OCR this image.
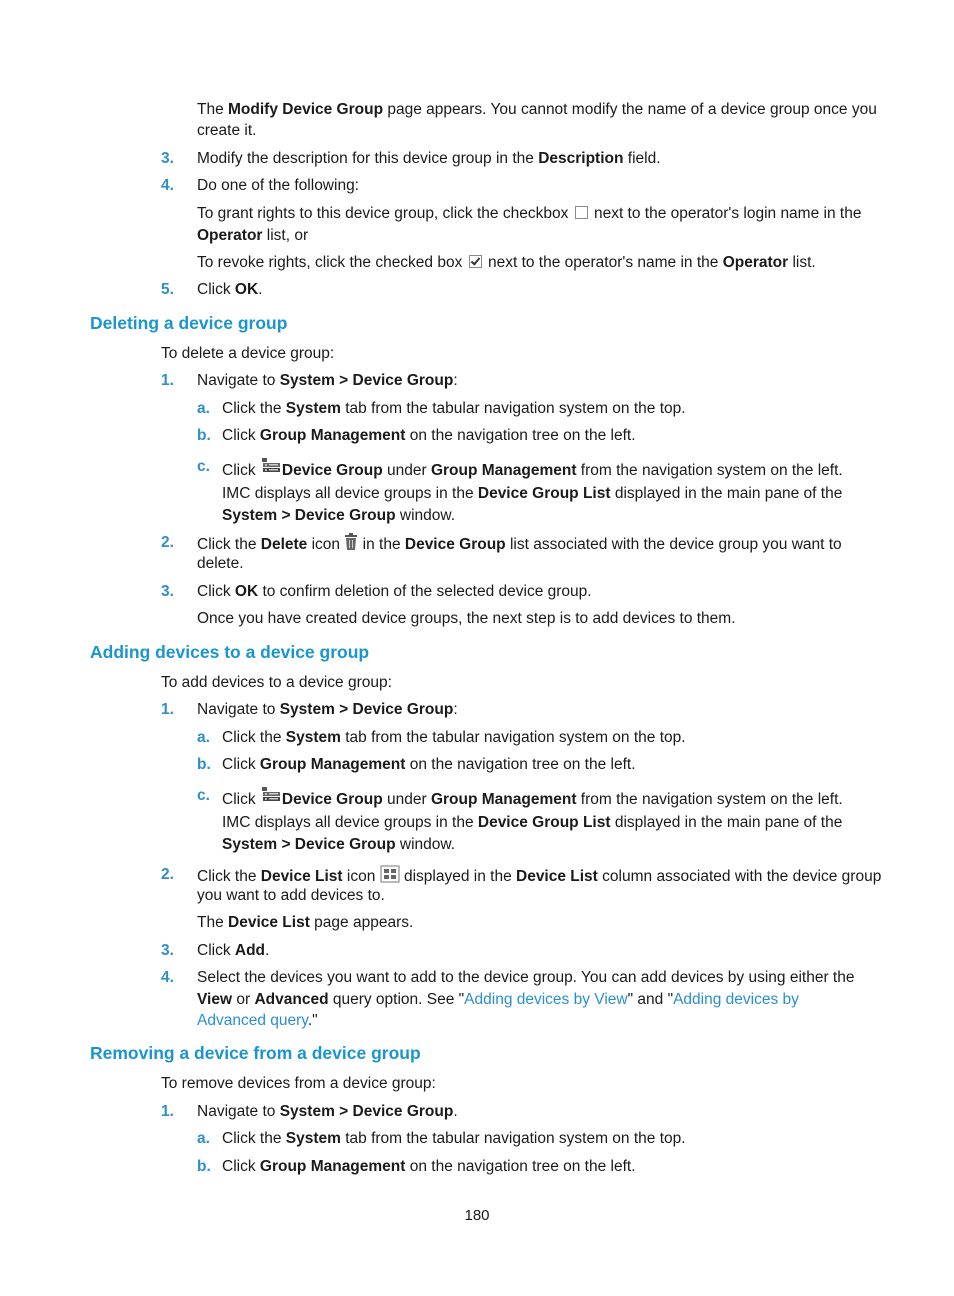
The Modify Device Group page appears. You cannot modify the name of a device group once you
create it.
3. Modify the description for this device group in the Description field.
4. Do one of the following:
To grant rights to this device group, click the checkbox  next to the operator's login name in the
Operator list, or
To revoke rights, click the checked box  next to the operator's name in the Operator list.
5. Click OK.
Deleting a device group
To delete a device group:
1. Navigate to System > Device Group:
a. Click the System tab from the tabular navigation system on the top.
b. Click Group Management on the navigation tree on the left.
c. Click Device Group under Group Management from the navigation system on the left.
IMC displays all device groups in the Device Group List displayed in the main pane of the
System > Device Group window.
2. Click the Delete icon  in the Device Group list associated with the device group you want to
delete.
3. Click OK to confirm deletion of the selected device group.
Once you have created device groups, the next step is to add devices to them.
Adding devices to a device group
To add devices to a device group:
1. Navigate to System > Device Group:
a. Click the System tab from the tabular navigation system on the top.
b. Click Group Management on the navigation tree on the left.
c. Click Device Group under Group Management from the navigation system on the left.
IMC displays all device groups in the Device Group List displayed in the main pane of the
System > Device Group window.
2. Click the Device List icon  displayed in the Device List column associated with the device group
you want to add devices to.
The Device List page appears.
3. Click Add.
4. Select the devices you want to add to the device group. You can add devices by using either the
View or Advanced query option. See "Adding devices by View" and "Adding devices by
Advanced query."
Removing a device from a device group
To remove devices from a device group:
1. Navigate to System > Device Group.
a. Click the System tab from the tabular navigation system on the top.
b. Click Group Management on the navigation tree on the left.
180
